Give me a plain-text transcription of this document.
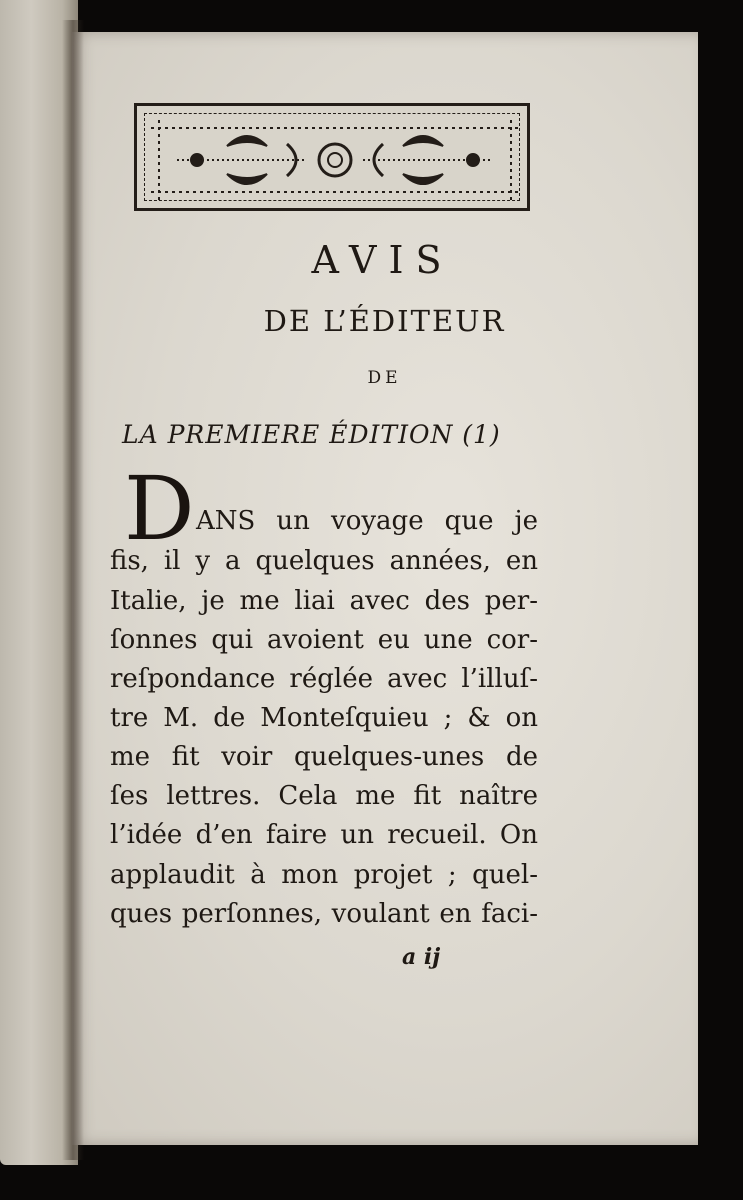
AVIS

DE L’ÉDITEUR

DE

LA PREMIERE ÉDITION (1)

D ANS un voyage que je

fis, il y a quelques années, en

Italie, je me liai avec des per-

ſonnes qui avoient eu une cor-

reſpondance réglée avec l’illuſ-

tre M. de Monteſquieu ; & on

me fit voir quelques-unes de

ſes lettres. Cela me fit naître

l’idée d’en faire un recueil. On

applaudit à mon projet ; quel-

ques perſonnes, voulant en faci-

a ij
